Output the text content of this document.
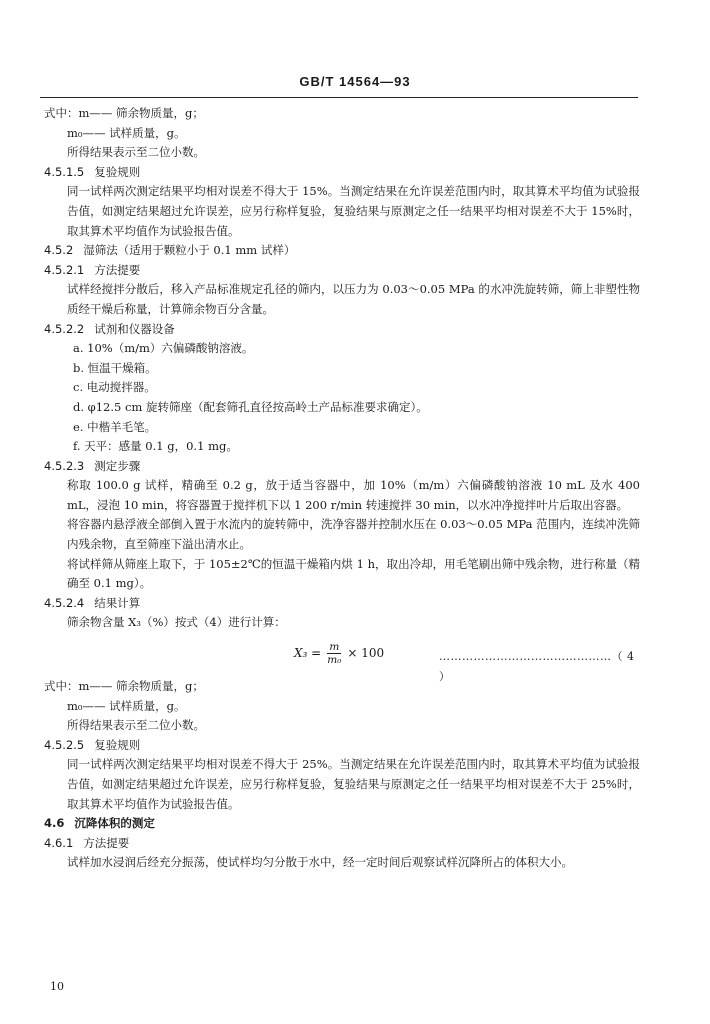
GB/T 14564—93
式中：m—— 筛余物质量，g；
m₀—— 试样质量，g。
所得结果表示至二位小数。
4.5.1.5 复验规则
同一试样两次测定结果平均相对误差不得大于 15%。当测定结果在允许误差范围内时，取其算术平均值为试验报告值，如测定结果超过允许误差，应另行称样复验，复验结果与原测定之任一结果平均相对误差不大于 15%时，取其算术平均值作为试验报告值。
4.5.2 湿筛法（适用于颗粒小于 0.1 mm 试样）
4.5.2.1 方法提要
试样经搅拌分散后，移入产品标准规定孔径的筛内，以压力为 0.03～0.05 MPa 的水冲洗旋转筛，筛上非塑性物质经干燥后称量，计算筛余物百分含量。
4.5.2.2 试剂和仪器设备
a. 10%（m/m）六偏磷酸钠溶液。
b. 恒温干燥箱。
c. 电动搅拌器。
d. φ12.5 cm 旋转筛座（配套筛孔直径按高岭土产品标准要求确定）。
e. 中楷羊毛笔。
f. 天平：感量 0.1 g，0.1 mg。
4.5.2.3 测定步骤
称取 100.0 g 试样，精确至 0.2 g，放于适当容器中，加 10%（m/m）六偏磷酸钠溶液 10 mL 及水 400 mL，浸泡 10 min，将容器置于搅拌机下以 1 200 r/min 转速搅拌 30 min，以水冲净搅拌叶片后取出容器。
将容器内悬浮液全部倒入置于水流内的旋转筛中，洗净容器并控制水压在 0.03～0.05 MPa 范围内，连续冲洗筛内残余物，直至筛座下溢出清水止。
将试样筛从筛座上取下，于 105±2℃的恒温干燥箱内烘 1 h，取出冷却，用毛笔刷出筛中残余物，进行称量（精确至 0.1 mg）。
4.5.2.4 结果计算
筛余物含量 X₃（%）按式（4）进行计算：
$X_3 = \frac{m}{\text{m₀}} \times 100$	………………………………………（ 4 ）
式中：m—— 筛余物质量，g；
m₀—— 试样质量，g。
所得结果表示至二位小数。
4.5.2.5 复验规则
同一试样两次测定结果平均相对误差不得大于 25%。当测定结果在允许误差范围内时，取其算术平均值为试验报告值，如测定结果超过允许误差，应另行称样复验，复验结果与原测定之任一结果平均相对误差不大于 25%时，取其算术平均值作为试验报告值。
4.6 沉降体积的测定
4.6.1 方法提要
试样加水浸润后经充分振荡，使试样均匀分散于水中，经一定时间后观察试样沉降所占的体积大小。
10
